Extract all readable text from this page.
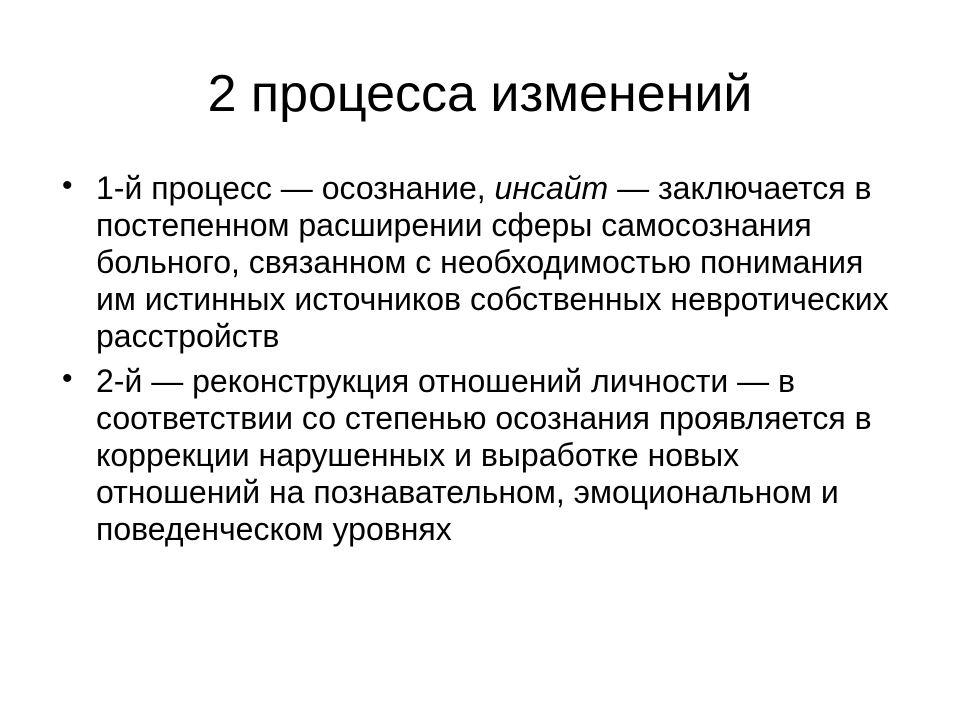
2 процесса изменений
• 1-й процесс — осознание, инсайт — заключается в постепенном расширении сферы самосознания больного, связанном с необходимостью понимания им истинных источников собственных невротических расстройств
• 2-й — реконструкция отношений личности — в соответствии со степенью осознания проявляется в коррекции нарушенных и выработке новых отношений на познавательном, эмоциональном и поведенческом уровнях
